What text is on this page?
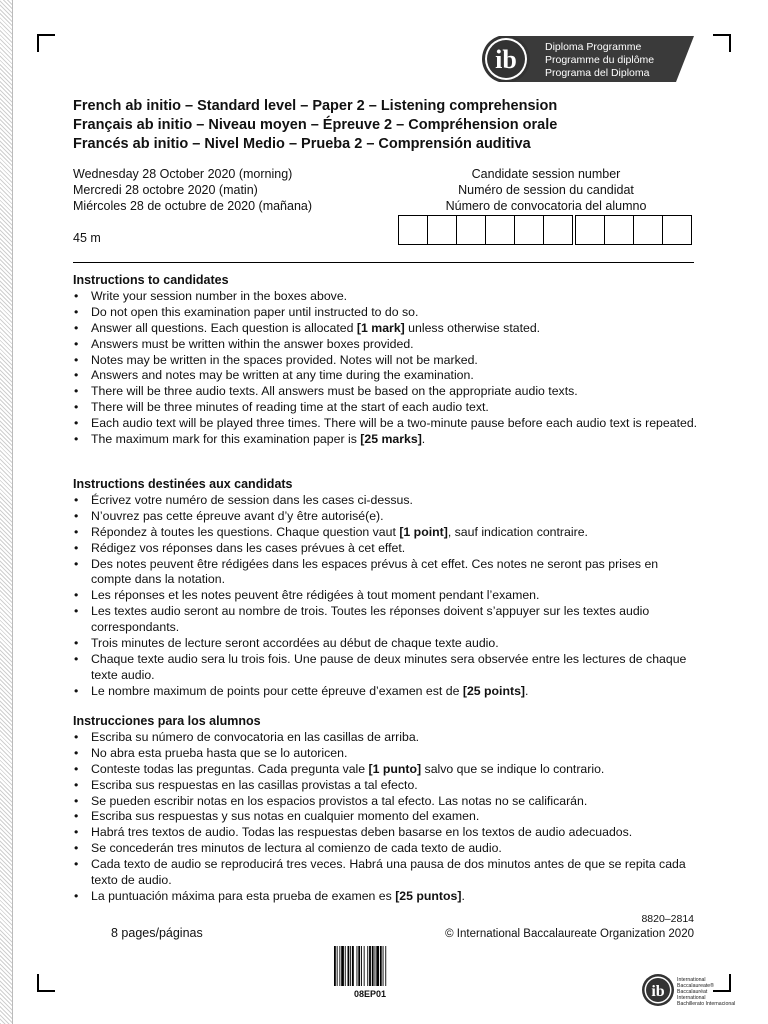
ib	Diploma Programme
Programme du diplôme
Programa del Diploma
French ab initio – Standard level – Paper 2 – Listening comprehension
Français ab initio – Niveau moyen – Épreuve 2 – Compréhension orale
Francés ab initio – Nivel Medio – Prueba 2 – Comprensión auditiva
Wednesday 28 October 2020 (morning)
Mercredi 28 octobre 2020 (matin)
Miércoles 28 de octubre de 2020 (mañana)
45 m
Candidate session number
Numéro de session du candidat
Número de convocatoria del alumno
Instructions to candidates
• Write your session number in the boxes above.
• Do not open this examination paper until instructed to do so.
• Answer all questions. Each question is allocated [1 mark] unless otherwise stated.
• Answers must be written within the answer boxes provided.
• Notes may be written in the spaces provided. Notes will not be marked.
• Answers and notes may be written at any time during the examination.
• There will be three audio texts. All answers must be based on the appropriate audio texts.
• There will be three minutes of reading time at the start of each audio text.
• Each audio text will be played three times. There will be a two-minute pause before each audio text is repeated.
• The maximum mark for this examination paper is [25 marks].
Instructions destinées aux candidats
• Écrivez votre numéro de session dans les cases ci-dessus.
• N’ouvrez pas cette épreuve avant d’y être autorisé(e).
• Répondez à toutes les questions. Chaque question vaut [1 point], sauf indication contraire.
• Rédigez vos réponses dans les cases prévues à cet effet.
• Des notes peuvent être rédigées dans les espaces prévus à cet effet. Ces notes ne seront pas prises en compte dans la notation.
• Les réponses et les notes peuvent être rédigées à tout moment pendant l’examen.
• Les textes audio seront au nombre de trois. Toutes les réponses doivent s’appuyer sur les textes audio correspondants.
• Trois minutes de lecture seront accordées au début de chaque texte audio.
• Chaque texte audio sera lu trois fois. Une pause de deux minutes sera observée entre les lectures de chaque texte audio.
• Le nombre maximum de points pour cette épreuve d’examen est de [25 points].
Instrucciones para los alumnos
• Escriba su número de convocatoria en las casillas de arriba.
• No abra esta prueba hasta que se lo autoricen.
• Conteste todas las preguntas. Cada pregunta vale [1 punto] salvo que se indique lo contrario.
• Escriba sus respuestas en las casillas provistas a tal efecto.
• Se pueden escribir notas en los espacios provistos a tal efecto. Las notas no se calificarán.
• Escriba sus respuestas y sus notas en cualquier momento del examen.
• Habrá tres textos de audio. Todas las respuestas deben basarse en los textos de audio adecuados.
• Se concederán tres minutos de lectura al comienzo de cada texto de audio.
• Cada texto de audio se reproducirá tres veces. Habrá una pausa de dos minutos antes de que se repita cada texto de audio.
• La puntuación máxima para esta prueba de examen es [25 puntos].
8820–2814
8 pages/páginas	© International Baccalaureate Organization 2020
08EP01	ib
International Baccalaureate®
Baccalauréat International
Bachillerato Internacional
